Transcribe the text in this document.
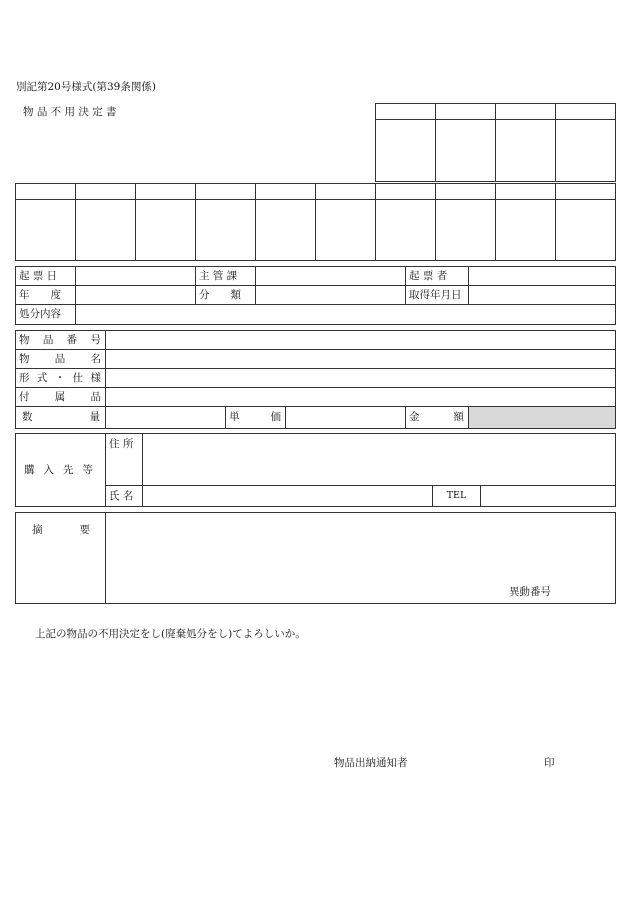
別記第20号様式(第39条関係)
物 品 不 用 決 定 書

起 票 日		主 管 課		起 票 者	
年　　度		分　　類		取得年月日	
処分内容					
物 品 番 号					

物 品 名					

形 式 ・ 仕 様					

付 属 品					

数 量		単 価		金 額	

購 入 先 等	住 所			
	氏 名		TEL	
摘	要

異動番号
上記の物品の不用決定をし(廃棄処分をし)てよろしいか。
物品出納通知者	印
